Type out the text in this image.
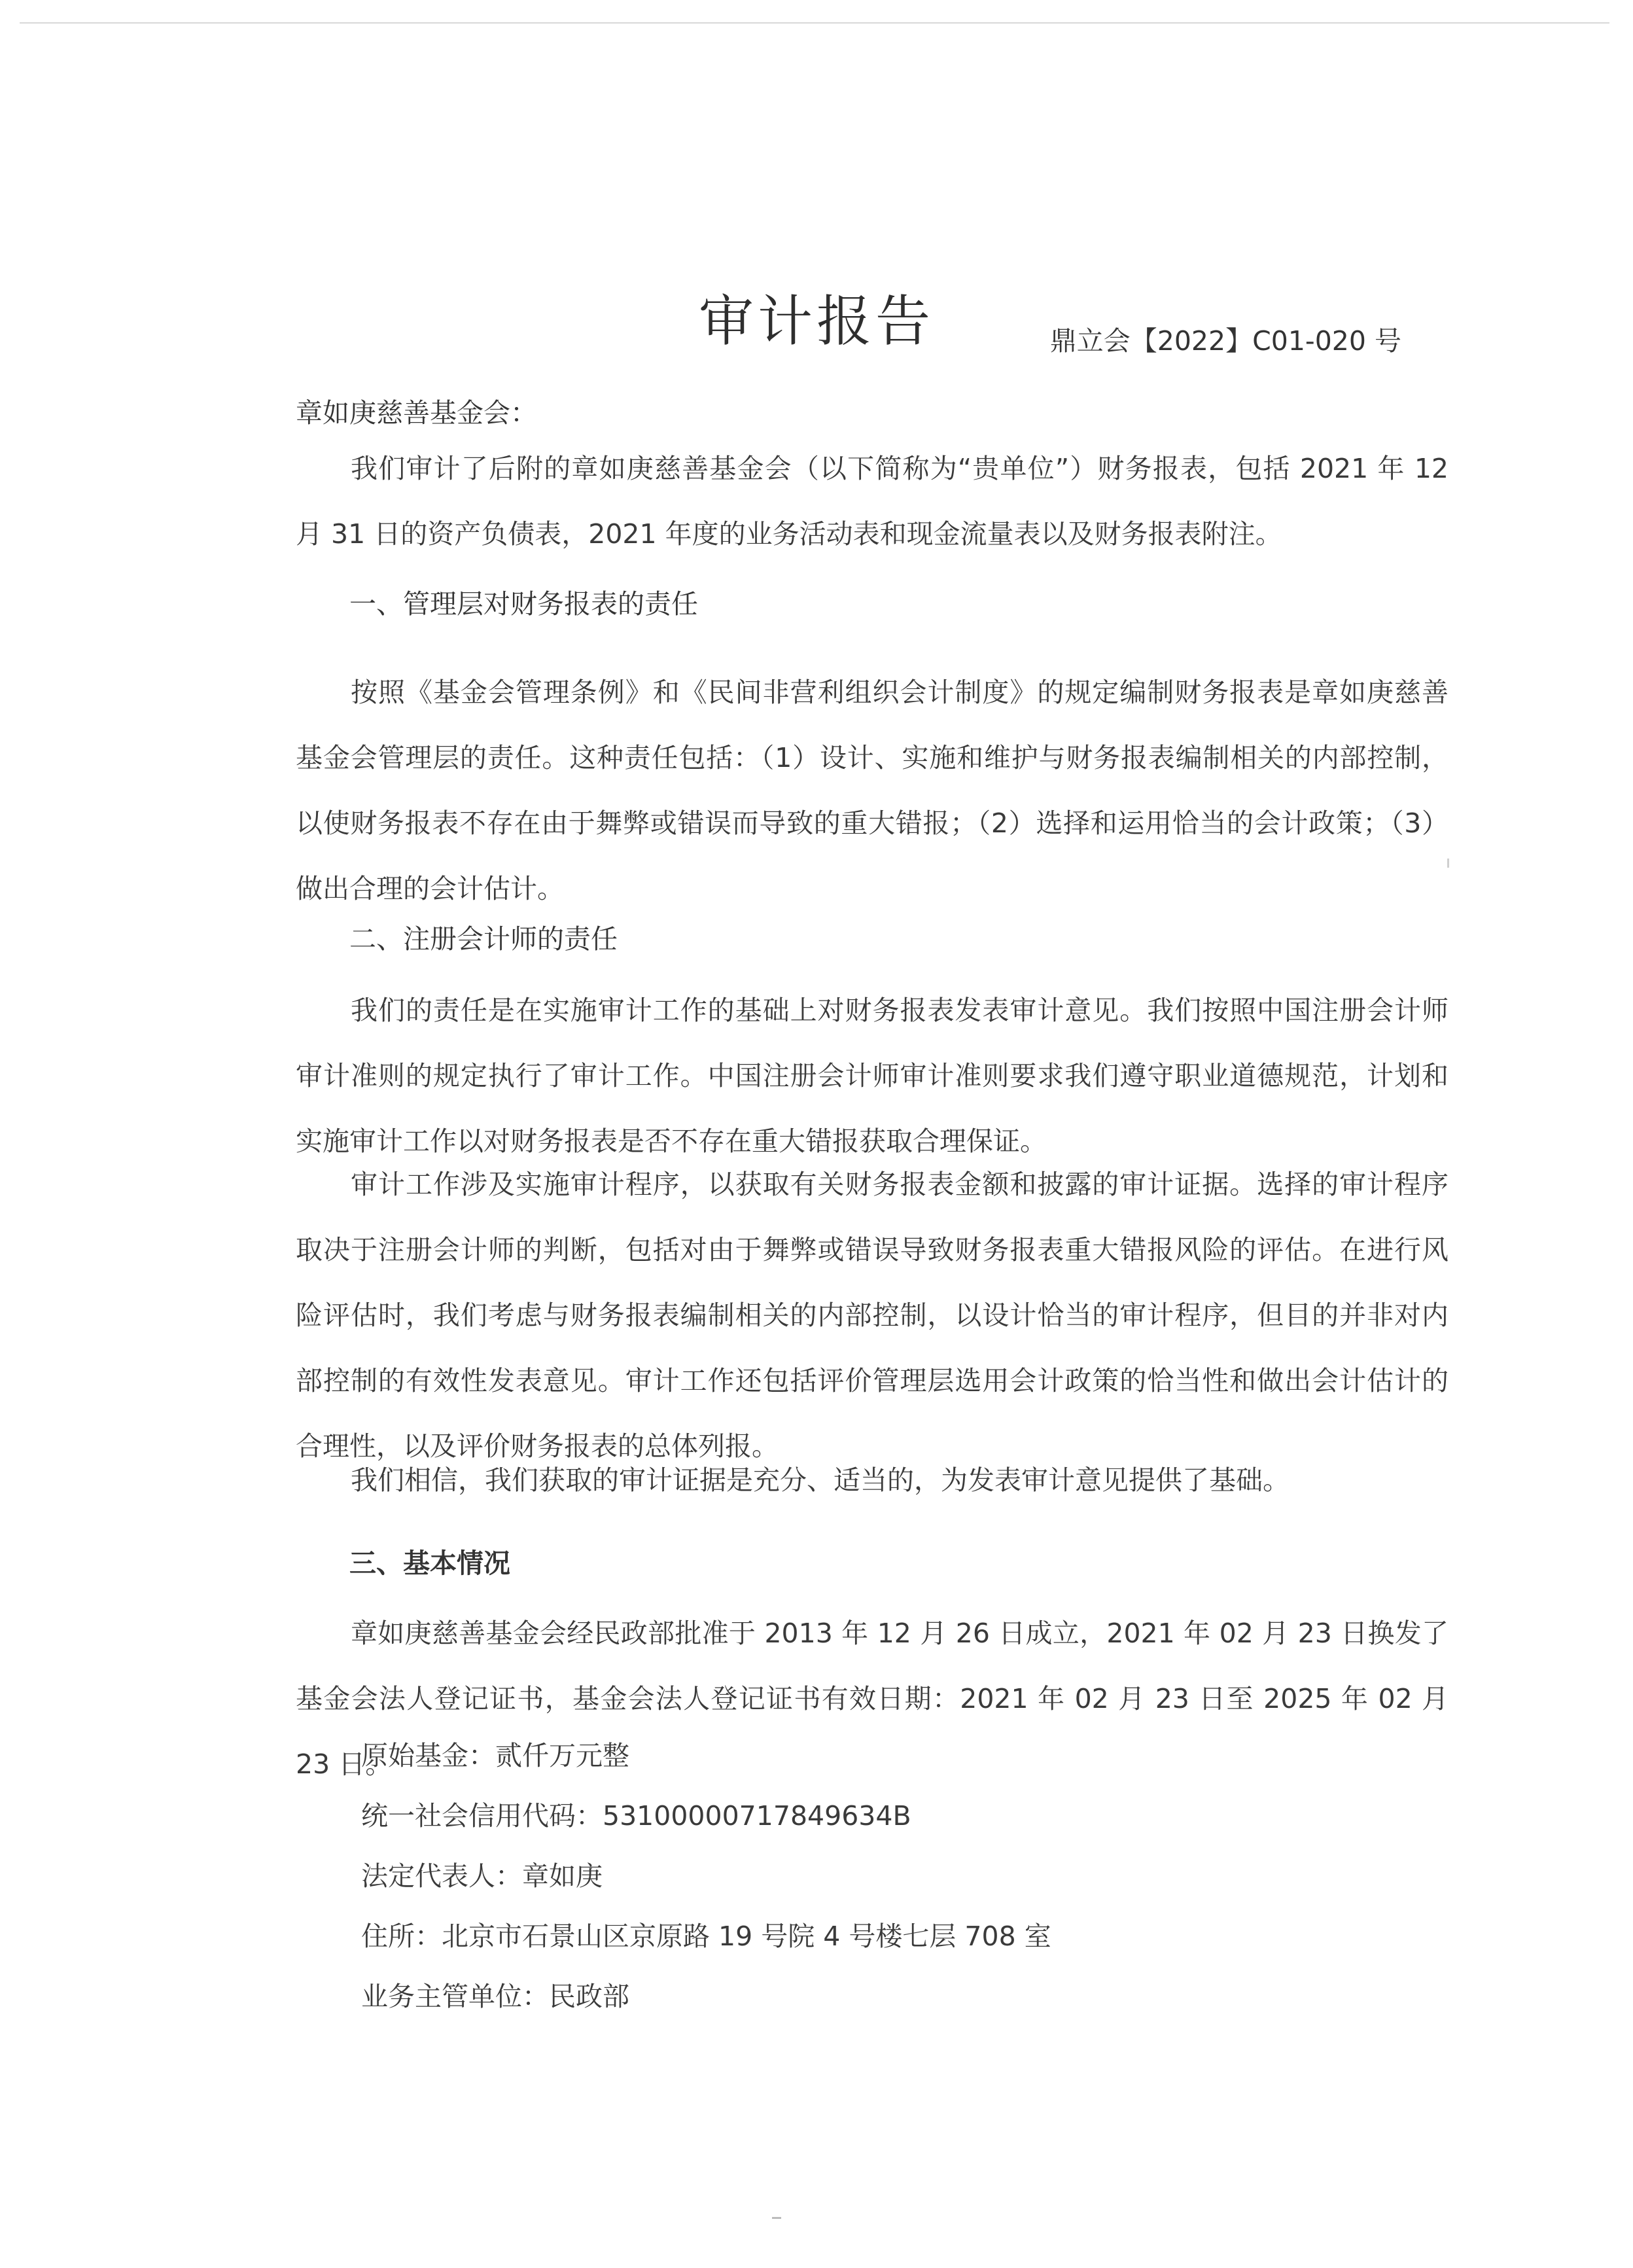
审计报告	鼎立会【2022】C01-020 号
章如庚慈善基金会：

我们审计了后附的章如庚慈善基金会（以下简称为“贵单位”）财务报表，包括 2021 年 12 月 31 日的资产负债表，2021 年度的业务活动表和现金流量表以及财务报表附注。

一、管理层对财务报表的责任

按照《基金会管理条例》和《民间非营利组织会计制度》的规定编制财务报表是章如庚慈善基金会管理层的责任。这种责任包括：（1）设计、实施和维护与财务报表编制相关的内部控制，以使财务报表不存在由于舞弊或错误而导致的重大错报；（2）选择和运用恰当的会计政策；（3）做出合理的会计估计。

二、注册会计师的责任

我们的责任是在实施审计工作的基础上对财务报表发表审计意见。我们按照中国注册会计师审计准则的规定执行了审计工作。中国注册会计师审计准则要求我们遵守职业道德规范，计划和实施审计工作以对财务报表是否不存在重大错报获取合理保证。

审计工作涉及实施审计程序，以获取有关财务报表金额和披露的审计证据。选择的审计程序取决于注册会计师的判断，包括对由于舞弊或错误导致财务报表重大错报风险的评估。在进行风险评估时，我们考虑与财务报表编制相关的内部控制，以设计恰当的审计程序，但目的并非对内部控制的有效性发表意见。审计工作还包括评价管理层选用会计政策的恰当性和做出会计估计的合理性，以及评价财务报表的总体列报。

我们相信，我们获取的审计证据是充分、适当的，为发表审计意见提供了基础。

三、基本情况

章如庚慈善基金会经民政部批准于 2013 年 12 月 26 日成立，2021 年 02 月 23 日换发了基金会法人登记证书，基金会法人登记证书有效日期：2021 年 02 月 23 日至 2025 年 02 月 23 日。

原始基金：贰仟万元整

统一社会信用代码：53100000717849634B

法定代表人：章如庚

住所：北京市石景山区京原路 19 号院 4 号楼七层 708 室

业务主管单位：民政部
